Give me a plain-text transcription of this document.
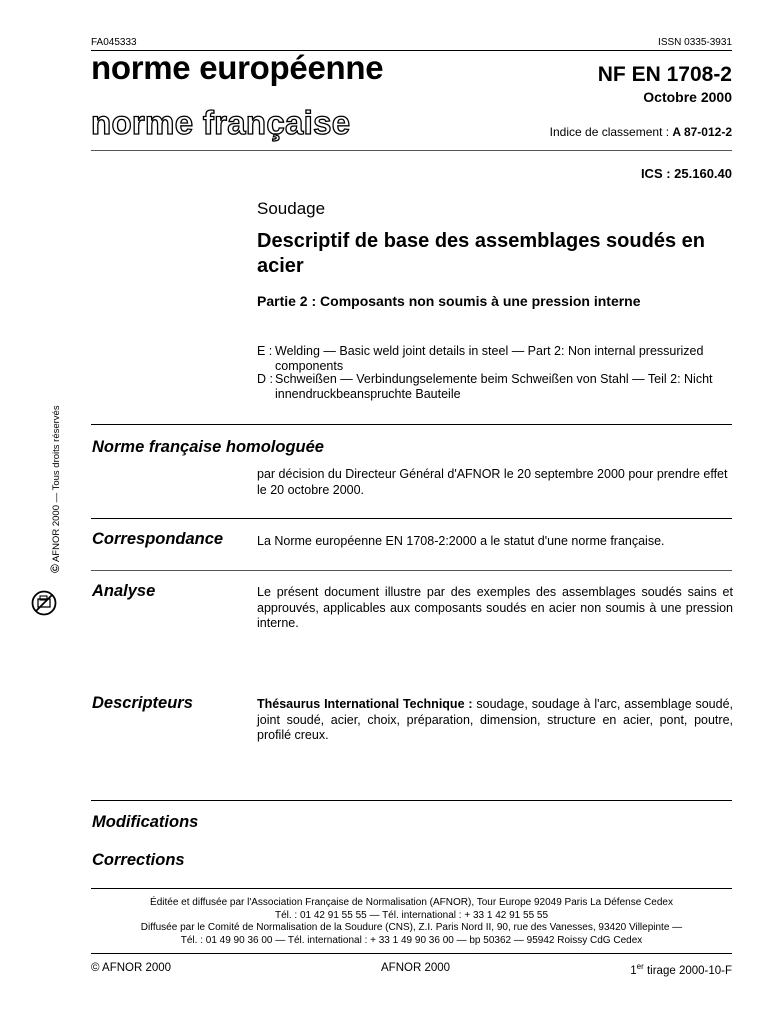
FA045333	ISSN 0335-3931
norme européenne
norme française
NF EN 1708-2
Octobre 2000
Indice de classement : A 87-012-2
ICS : 25.160.40
Soudage
Descriptif de base des assemblages soudés en acier
Partie 2 : Composants non soumis à une pression interne
E : Welding — Basic weld joint details in steel — Part 2: Non internal pressurized components
D : Schweißen — Verbindungselemente beim Schweißen von Stahl — Teil 2: Nicht innendruckbeanspruchte Bauteile
Norme française homologuée
par décision du Directeur Général d'AFNOR le 20 septembre 2000 pour prendre effet le 20 octobre 2000.
Correspondance	La Norme européenne EN 1708-2:2000 a le statut d'une norme française.
Analyse	Le présent document illustre par des exemples des assemblages soudés sains et approuvés, applicables aux composants soudés en acier non soumis à une pression interne.
Descripteurs	Thésaurus International Technique : soudage, soudage à l'arc, assemblage soudé, joint soudé, acier, choix, préparation, dimension, structure en acier, pont, poutre, profilé creux.
Modifications
Corrections
Éditée et diffusée par l'Association Française de Normalisation (AFNOR), Tour Europe 92049 Paris La Défense Cedex
Tél. : 01 42 91 55 55 — Tél. international : + 33 1 42 91 55 55
Diffusée par le Comité de Normalisation de la Soudure (CNS), Z.I. Paris Nord II, 90, rue des Vanesses, 93420 Villepinte —
Tél. : 01 49 90 36 00 — Tél. international : + 33 1 49 90 36 00 — bp 50362 — 95942 Roissy CdG Cedex
© AFNOR 2000	AFNOR 2000	1er tirage 2000-10-F
© AFNOR 2000 — Tous droits réservés
